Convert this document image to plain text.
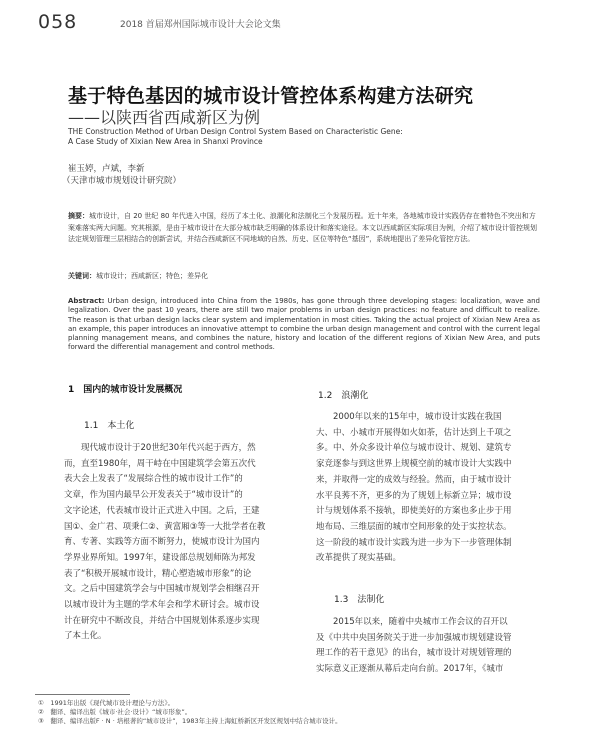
058	2018 首届郑州国际城市设计大会论文集
基于特色基因的城市设计管控体系构建方法研究
——以陕西省西咸新区为例
THE Construction Method of Urban Design Control System Based on Characteristic Gene:
A Case Study of Xixian New Area in Shanxi Province
崔玉婷，卢斌，李新
（天津市城市规划设计研究院）
摘要：城市设计，自 20 世纪 80 年代进入中国，经历了本土化、浪潮化和法制化三个发展历程。近十年来，各地城市设计实践仍存在着特色不突出和方案难落实两大问题。究其根源，是由于城市设计在大部分城市缺乏明确的体系设计和落实途径。本文以西咸新区实际项目为例，介绍了城市设计管控规划法定规划管理三层相结合的创新尝试，并结合西咸新区不同地域的自然、历史、区位等特色“基因”，系统地提出了差异化管控方法。
关键词：城市设计；西咸新区；特色；差异化
Abstract: Urban design, introduced into China from the 1980s, has gone through three developing stages: localization, wave and legalization. Over the past 10 years, there are still two major problems in urban design practices: no feature and difficult to realize. The reason is that urban design lacks clear system and implementation in most cities. Taking the actual project of Xixian New Area as an example, this paper introduces an innovative attempt to combine the urban design management and control with the current legal planning management means, and combines the nature, history and location of the different regions of Xixian New Area, and puts forward the differential management and control methods.
1　国内的城市设计发展概况
1.1　本土化
现代城市设计于20世纪30年代兴起于西方，然
而，直至1980年，周干峙在中国建筑学会第五次代
表大会上发表了“发展综合性的城市设计工作”的
文章，作为国内最早公开发表关于“城市设计”的
文字论述，代表城市设计正式进入中国。之后，王建
国①、金广君、项秉仁②、黄富厢③等一大批学者在教
育、专著、实践等方面不断努力，使城市设计为国内
学界业界所知。1997年，建设部总规划师陈为邦发
表了“积极开展城市设计，精心塑造城市形象”的论
文。之后中国建筑学会与中国城市规划学会相继召开
以城市设计为主题的学术年会和学术研讨会。城市设
计在研究中不断改良，并结合中国规划体系逐步实现
了本土化。
1.2　浪潮化
2000年以来的15年中，城市设计实践在我国
大、中、小城市开展得如火如荼，估计达到上千项之
多。中、外众多设计单位与城市设计、规划、建筑专
家竞逐参与到这世界上规模空前的城市设计大实践中
来，并取得一定的成效与经验。然而，由于城市设计
水平良莠不齐，更多的为了规划上标新立异；城市设
计与规划体系不接轨，即使美好的方案也多止步于用
地布局、三维层面的城市空间形象的处于实控状态。
这一阶段的城市设计实践为进一步为下一步管理体制
改革提供了现实基础。
1.3　法制化
2015年以来，随着中央城市工作会议的召开以
及《中共中央国务院关于进一步加强城市规划建设管
理工作的若干意见》的出台，城市设计对规划管理的
实际意义正逐渐从幕后走向台前。2017年，《城市
①　1991年出版《现代城市设计理论与方法》。
②　翻译、编译出版《城市·社会·设计》“城市形象”。
③　翻译、编译出版F · N · 培根著的“城市设计”，1983年主持上海虹桥新区开发区规划中结合城市设计。
